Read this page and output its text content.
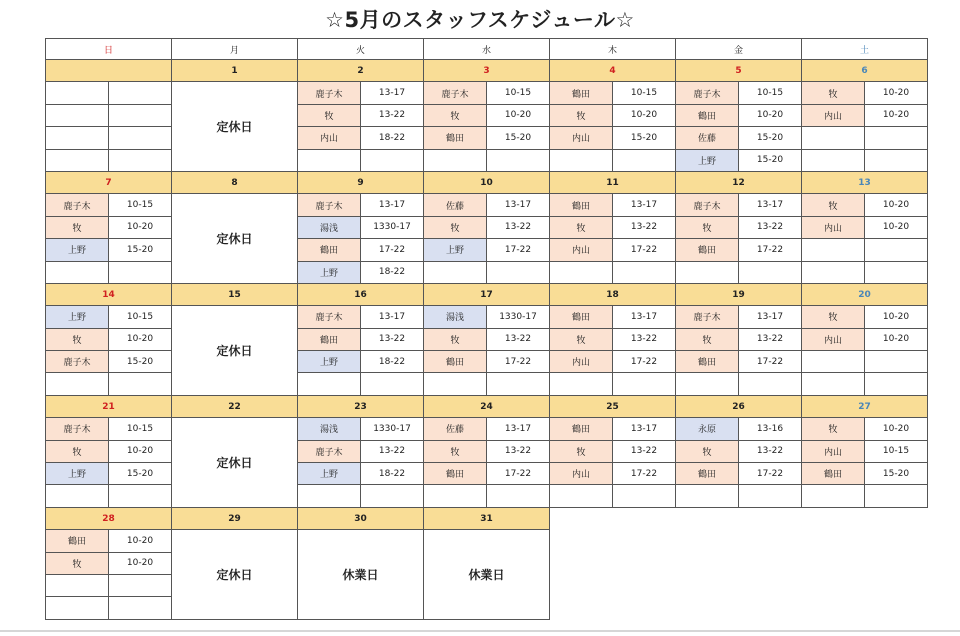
☆5月のスタッフスケジュール☆
日		月	火		水		木		金		土	
		1	2		3		4		5		6	
		定休日	鹿子木	13-17	鹿子木	10-15	鶴田	10-15	鹿子木	10-15	牧	10-20
			牧	13-22	牧	10-20	牧	10-20	鶴田	10-20	内山	10-20
			内山	18-22	鶴田	15-20	内山	15-20	佐藤	15-20		
									上野	15-20		
7		8	9		10		11		12		13	
鹿子木	10-15	定休日	鹿子木	13-17	佐藤	13-17	鶴田	13-17	鹿子木	13-17	牧	10-20
牧	10-20		湯浅	1330-17	牧	13-22	牧	13-22	牧	13-22	内山	10-20
上野	15-20		鶴田	17-22	上野	17-22	内山	17-22	鶴田	17-22		
			上野	18-22								
14		15	16		17		18		19		20	
上野	10-15	定休日	鹿子木	13-17	湯浅	1330-17	鶴田	13-17	鹿子木	13-17	牧	10-20
牧	10-20		鶴田	13-22	牧	13-22	牧	13-22	牧	13-22	内山	10-20
鹿子木	15-20		上野	18-22	鶴田	17-22	内山	17-22	鶴田	17-22		

21		22	23		24		25		26		27	
鹿子木	10-15	定休日	湯浅	1330-17	佐藤	13-17	鶴田	13-17	永原	13-16	牧	10-20
牧	10-20		鹿子木	13-22	牧	13-22	牧	13-22	牧	13-22	内山	10-15
上野	15-20		上野	18-22	鶴田	17-22	内山	17-22	鶴田	17-22	鶴田	15-20

28		29	30		31							
鶴田	10-20	定休日	休業日		休業日							
牧	10-20											
